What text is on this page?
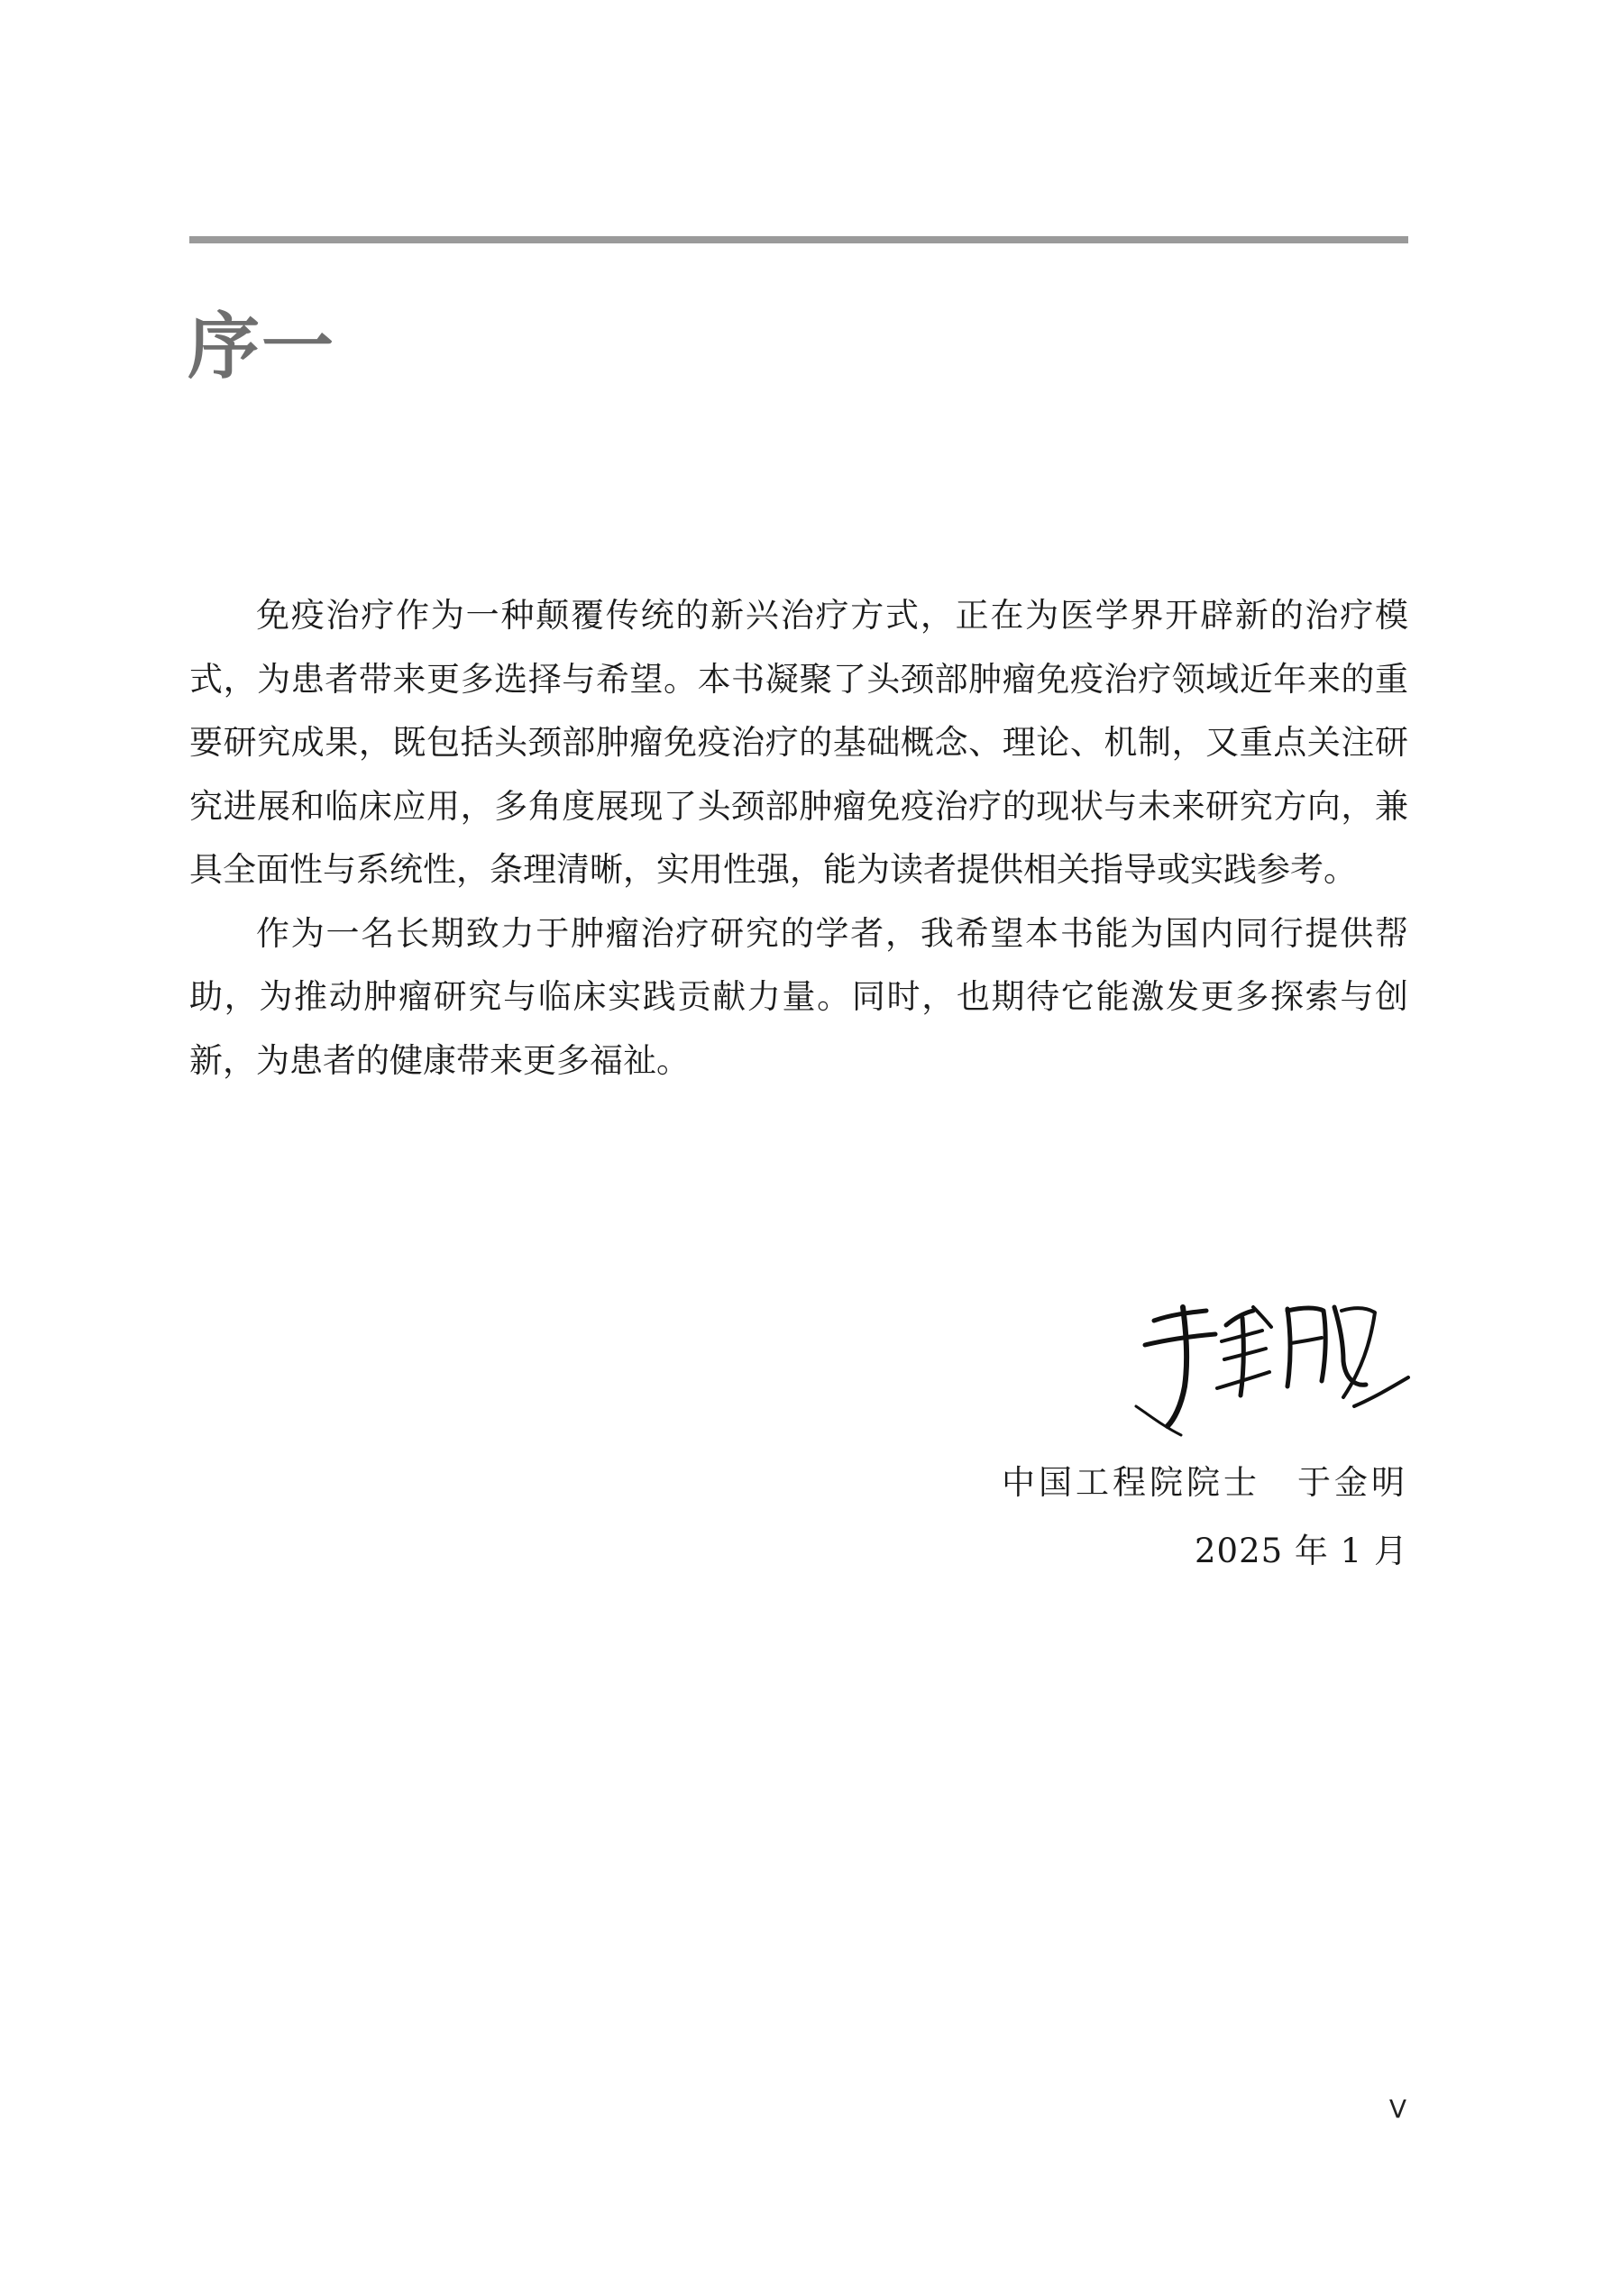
序一

免疫治疗作为一种颠覆传统的新兴治疗方式，正在为医学界开辟新的治疗模式，为患者带来更多选择与希望。本书凝聚了头颈部肿瘤免疫治疗领域近年来的重要研究成果，既包括头颈部肿瘤免疫治疗的基础概念、理论、机制，又重点关注研究进展和临床应用，多角度展现了头颈部肿瘤免疫治疗的现状与未来研究方向，兼具全面性与系统性，条理清晰，实用性强，能为读者提供相关指导或实践参考。

作为一名长期致力于肿瘤治疗研究的学者，我希望本书能为国内同行提供帮助，为推动肿瘤研究与临床实践贡献力量。同时，也期待它能激发更多探索与创新，为患者的健康带来更多福祉。

中国工程院院士　于金明

2025 年 1 月

V
